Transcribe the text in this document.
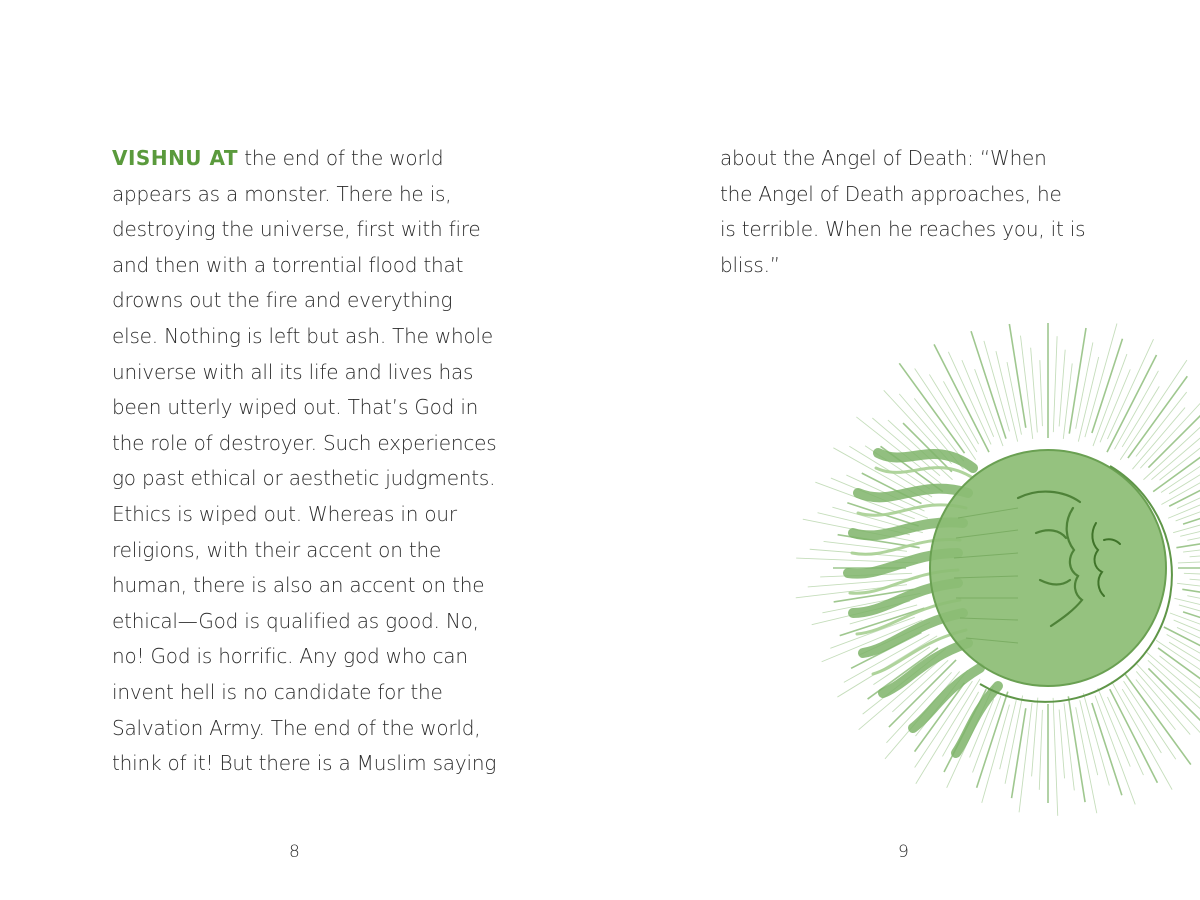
VISHNU AT the end of the world
appears as a monster. There he is,
destroying the universe, first with fire
and then with a torrential flood that
drowns out the fire and everything
else. Nothing is left but ash. The whole
universe with all its life and lives has
been utterly wiped out. That’s God in
the role of destroyer. Such experiences
go past ethical or aesthetic judgments.
Ethics is wiped out. Whereas in our
religions, with their accent on the
human, there is also an accent on the
ethical—God is qualified as good. No,
no! God is horrific. Any god who can
invent hell is no candidate for the
Salvation Army. The end of the world,
think of it! But there is a Muslim saying
8
about the Angel of Death: “When
the Angel of Death approaches, he
is terrible. When he reaches you, it is
bliss.”
9
